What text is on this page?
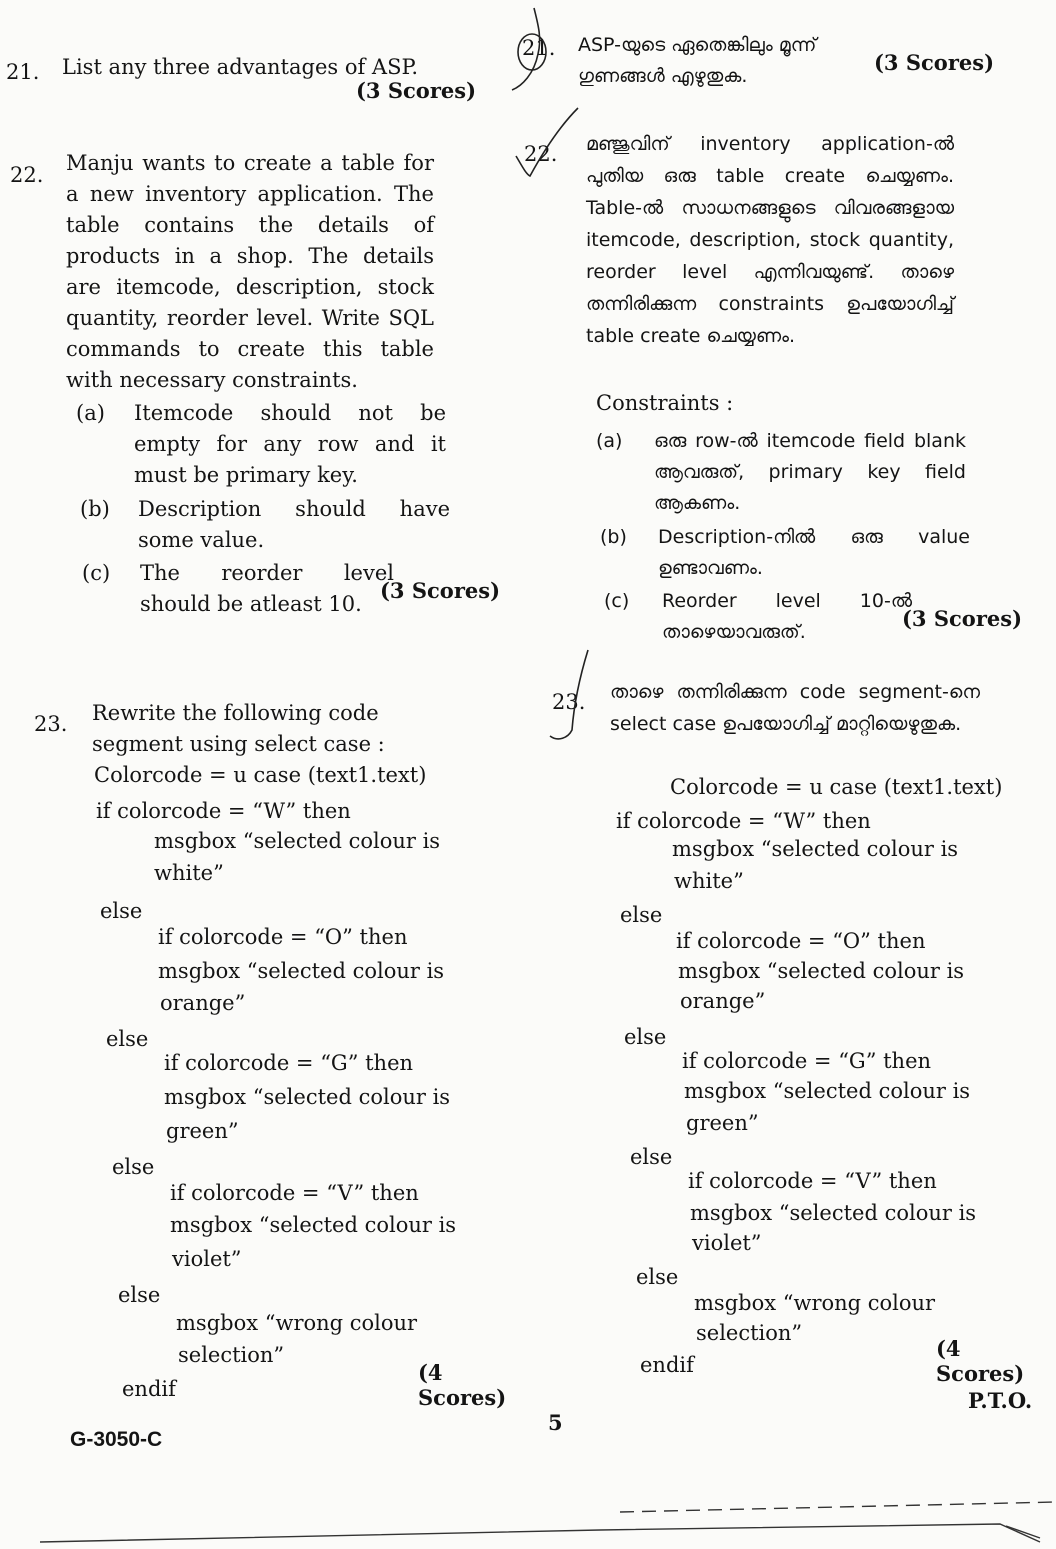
21. List any three advantages of ASP.
(3 Scores)
22. Manju wants to create a table for a new inventory application. The table contains the details of products in a shop. The details are itemcode, description, stock quantity, reorder level. Write SQL commands to create this table with necessary constraints.
(a) Itemcode should not be empty for any row and it must be primary key.
(b) Description should have some value.
(c) The reorder level should be atleast 10.
(3 Scores)
23. Rewrite the following code segment using select case :
Colorcode = u case (text1.text)
if colorcode = “W” then
msgbox “selected colour is
white”
else
if colorcode = “O” then
msgbox “selected colour is
orange”
else
if colorcode = “G” then
msgbox “selected colour is
green”
else
if colorcode = “V” then
msgbox “selected colour is
violet”
else
msgbox “wrong colour
selection”
endif
(4 Scores)
21. ASP-യുടെ ഏതെങ്കിലും മൂന്ന് ഗുണങ്ങൾ എഴുതുക.
(3 Scores)
22. മഞ്ജുവിന് inventory application-ൽ പുതിയ ഒരു table create ചെയ്യണം. Table-ൽ സാധനങ്ങളുടെ വിവരങ്ങളായ itemcode, description, stock quantity, reorder level എന്നിവയുണ്ട്. താഴെ തന്നിരിക്കുന്ന constraints ഉപയോഗിച്ച് table create ചെയ്യണം.
Constraints :
(a) ഒരു row-ൽ itemcode field blank ആവരുത്, primary key field ആകണം.
(b) Description-നിൽ ഒരു value ഉണ്ടാവണം.
(c) Reorder level 10-ൽ താഴെയാവരുത്.
(3 Scores)
23. താഴെ തന്നിരിക്കുന്ന code segment-നെ select case ഉപയോഗിച്ച് മാറ്റിയെഴുതുക.
Colorcode = u case (text1.text)
if colorcode = “W” then
msgbox “selected colour is
white”
else
if colorcode = “O” then
msgbox “selected colour is
orange”
else
if colorcode = “G” then
msgbox “selected colour is
green”
else
if colorcode = “V” then
msgbox “selected colour is
violet”
else
msgbox “wrong colour
selection”
endif
(4 Scores)
G-3050-C
5
P.T.O.
